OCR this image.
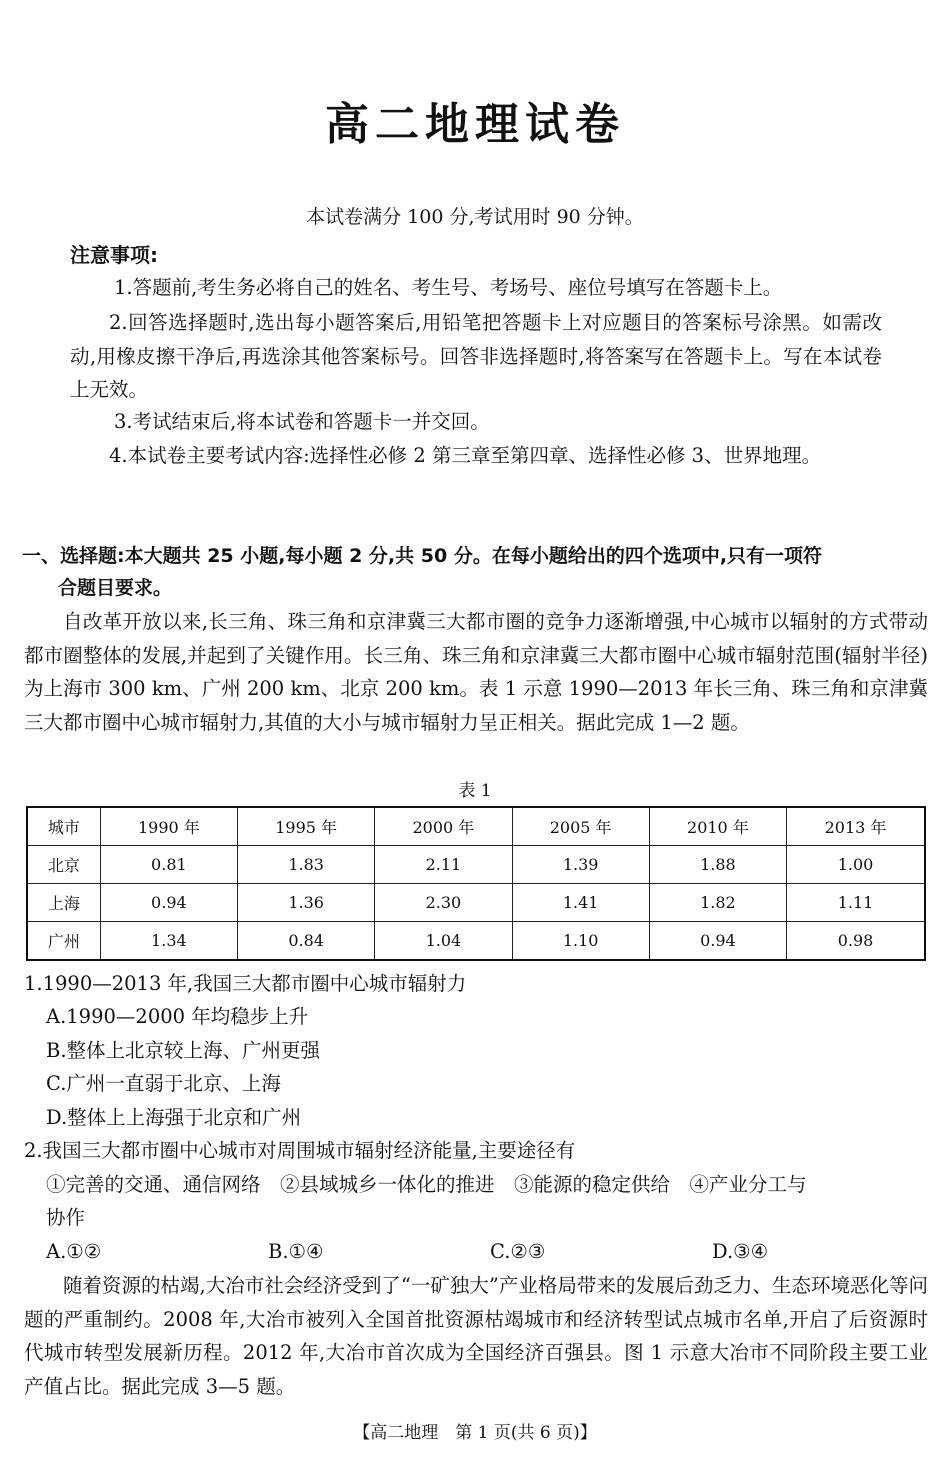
高二地理试卷
本试卷满分 100 分,考试用时 90 分钟。
注意事项:
1.答题前,考生务必将自己的姓名、考生号、考场号、座位号填写在答题卡上。
2.回答选择题时,选出每小题答案后,用铅笔把答题卡上对应题目的答案标号涂黑。如需改动,用橡皮擦干净后,再选涂其他答案标号。回答非选择题时,将答案写在答题卡上。写在本试卷上无效。
3.考试结束后,将本试卷和答题卡一并交回。
4.本试卷主要考试内容:选择性必修 2 第三章至第四章、选择性必修 3、世界地理。
一、选择题:本大题共 25 小题,每小题 2 分,共 50 分。在每小题给出的四个选项中,只有一项符
合题目要求。
自改革开放以来,长三角、珠三角和京津冀三大都市圈的竞争力逐渐增强,中心城市以辐射的方式带动都市圈整体的发展,并起到了关键作用。长三角、珠三角和京津冀三大都市圈中心城市辐射范围(辐射半径)为上海市 300 km、广州 200 km、北京 200 km。表 1 示意 1990—2013 年长三角、珠三角和京津冀三大都市圈中心城市辐射力,其值的大小与城市辐射力呈正相关。据此完成 1—2 题。
表 1
城市	1990 年	1995 年	2000 年	2005 年	2010 年	2013 年
北京	0.81	1.83	2.11	1.39	1.88	1.00
上海	0.94	1.36	2.30	1.41	1.82	1.11
广州	1.34	0.84	1.04	1.10	0.94	0.98
1.1990—2013 年,我国三大都市圈中心城市辐射力
A.1990—2000 年均稳步上升
B.整体上北京较上海、广州更强
C.广州一直弱于北京、上海
D.整体上上海强于北京和广州
2.我国三大都市圈中心城市对周围城市辐射经济能量,主要途径有
①完善的交通、通信网络　②县域城乡一体化的推进　③能源的稳定供给　④产业分工与
协作
A.①②	B.①④	C.②③	D.③④
随着资源的枯竭,大冶市社会经济受到了“一矿独大”产业格局带来的发展后劲乏力、生态环境恶化等问题的严重制约。2008 年,大冶市被列入全国首批资源枯竭城市和经济转型试点城市名单,开启了后资源时代城市转型发展新历程。2012 年,大冶市首次成为全国经济百强县。图 1 示意大冶市不同阶段主要工业产值占比。据此完成 3—5 题。
【高二地理　第 1 页(共 6 页)】
